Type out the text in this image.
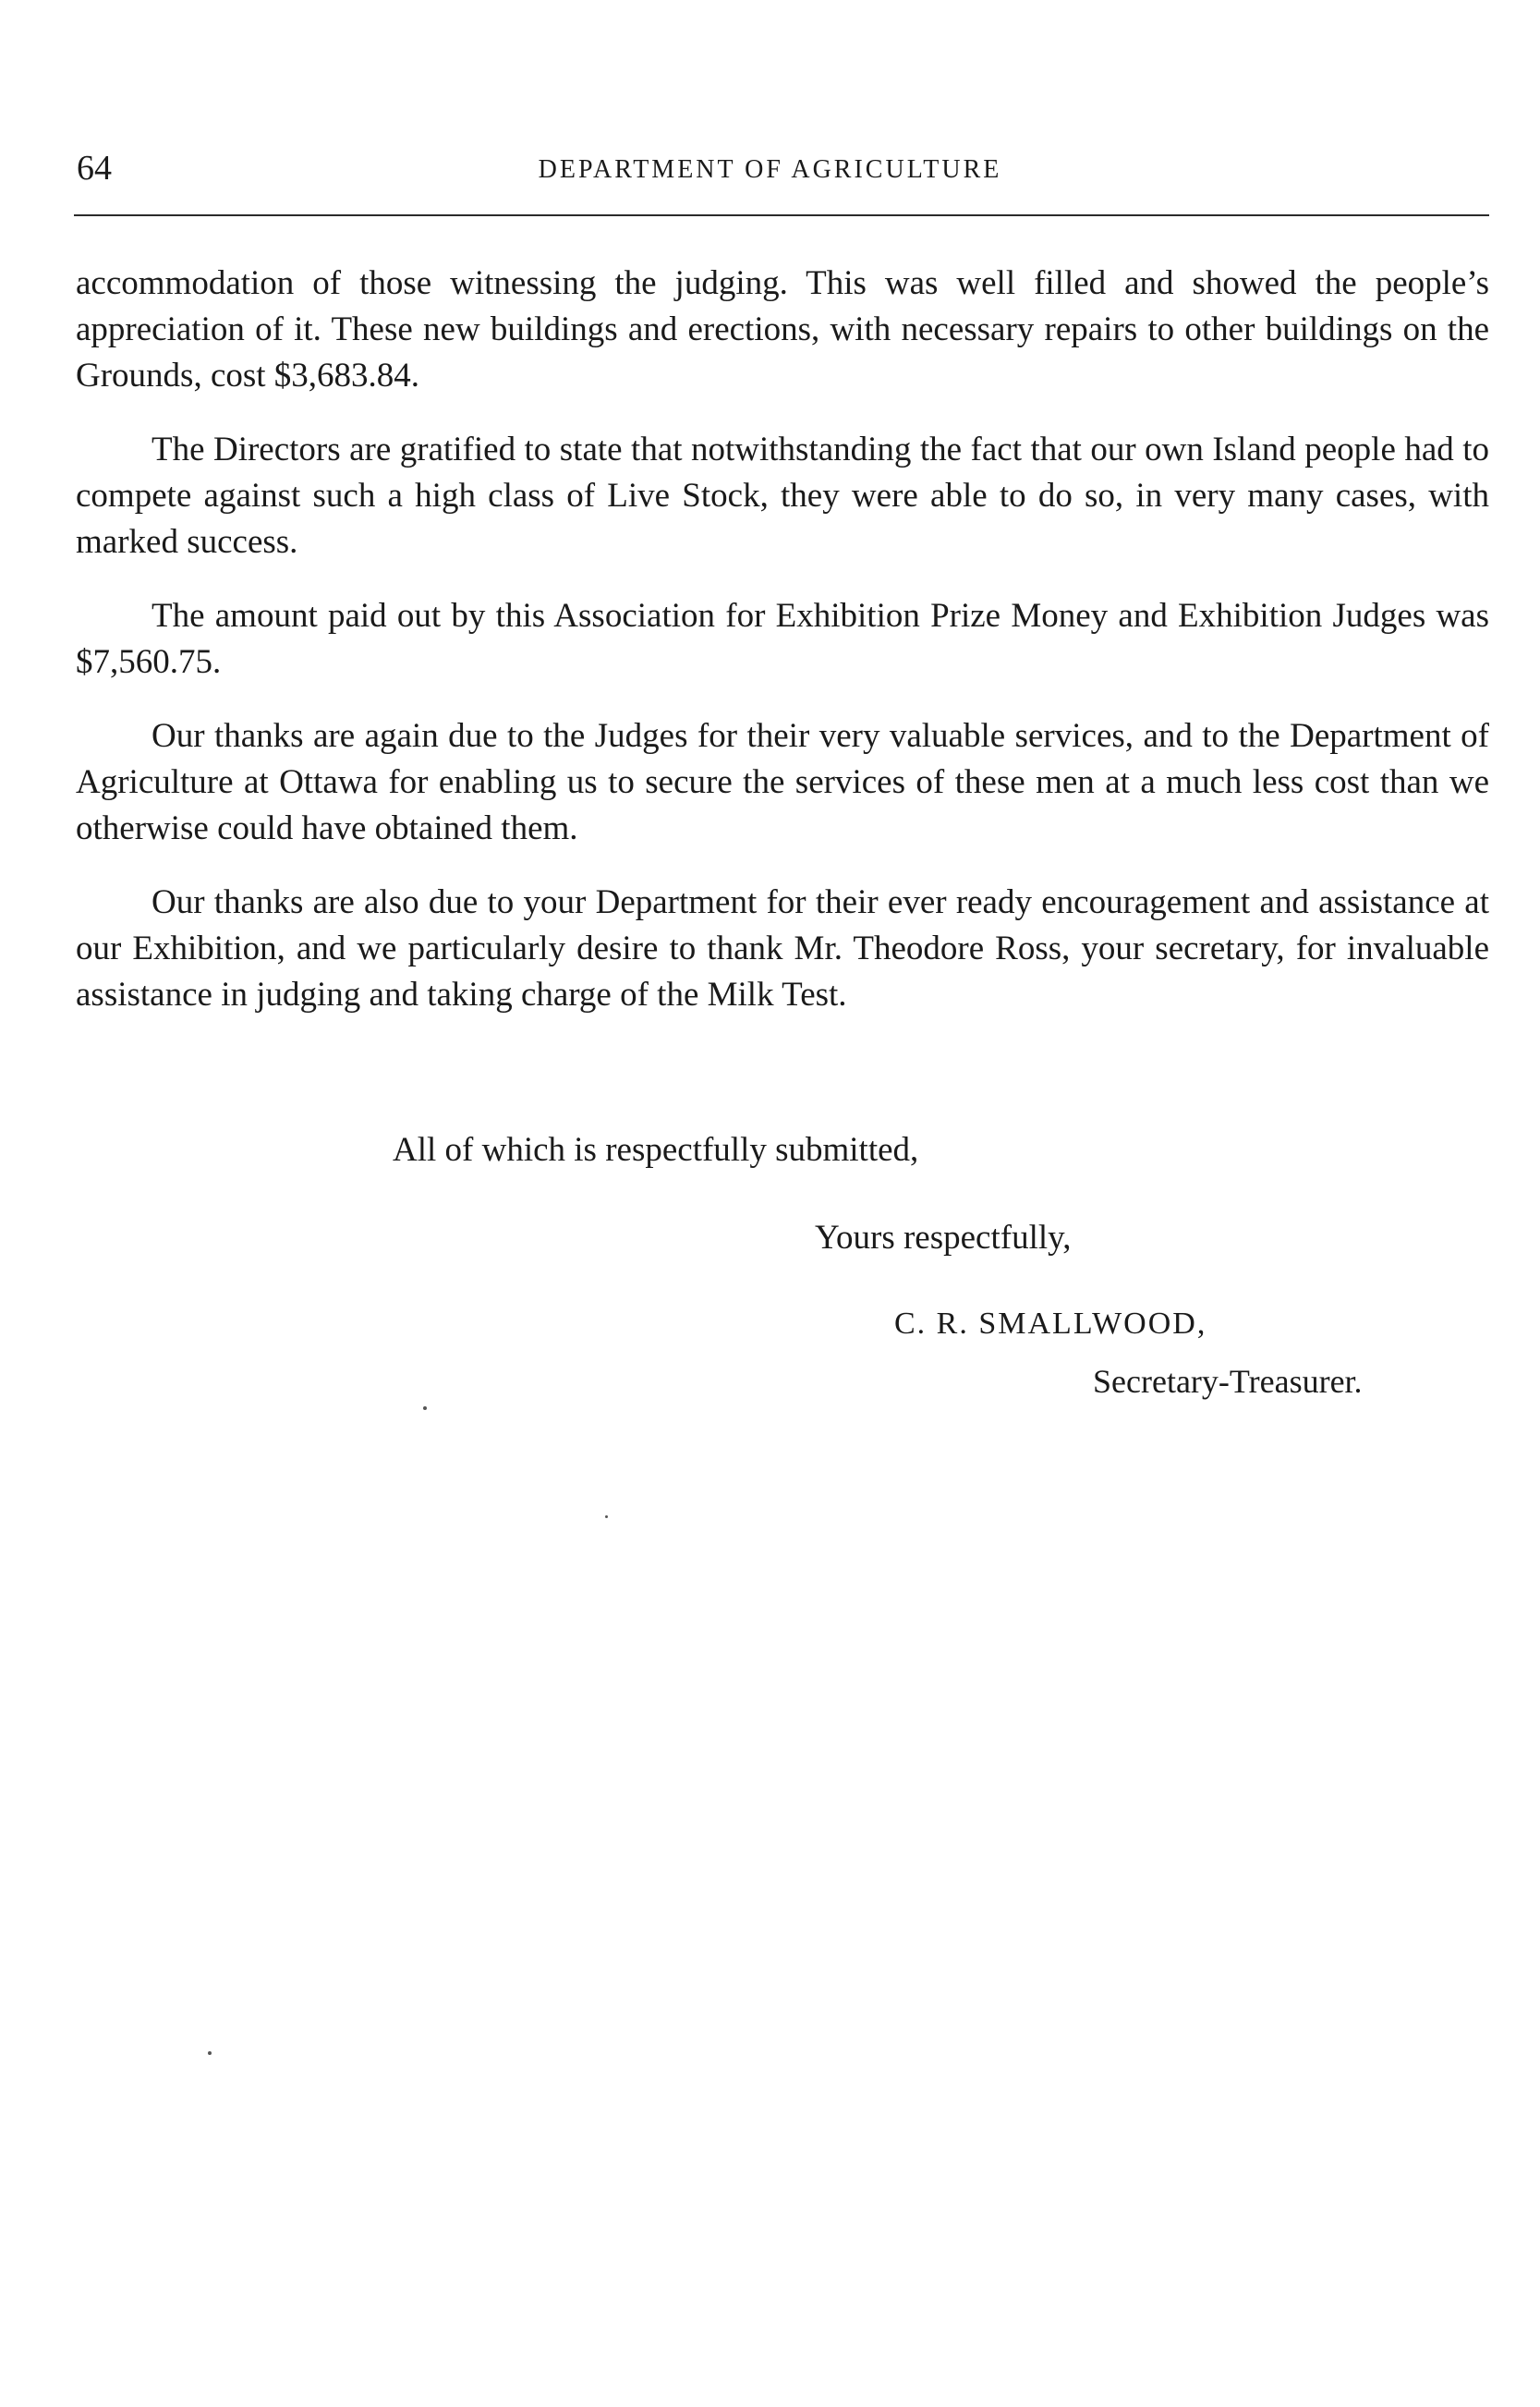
64	DEPARTMENT OF AGRICULTURE

accommodation of those witnessing the judging. This was well filled and showed the people’s appreciation of it. These new buildings and erections, with necessary repairs to other buildings on the Grounds, cost $3,683.84.

The Directors are gratified to state that notwithstanding the fact that our own Island people had to compete against such a high class of Live Stock, they were able to do so, in very many cases, with marked success.

The amount paid out by this Association for Exhibition Prize Money and Exhibition Judges was $7,560.75.

Our thanks are again due to the Judges for their very valuable services, and to the Department of Agriculture at Ottawa for enabling us to secure the services of these men at a much less cost than we otherwise could have obtained them.

Our thanks are also due to your Department for their ever ready encouragement and assistance at our Exhibition, and we particularly desire to thank Mr. Theodore Ross, your secretary, for invaluable assistance in judging and taking charge of the Milk Test.

All of which is respectfully submitted,
Yours respectfully,
C. R. SMALLWOOD,
Secretary-Treasurer.
